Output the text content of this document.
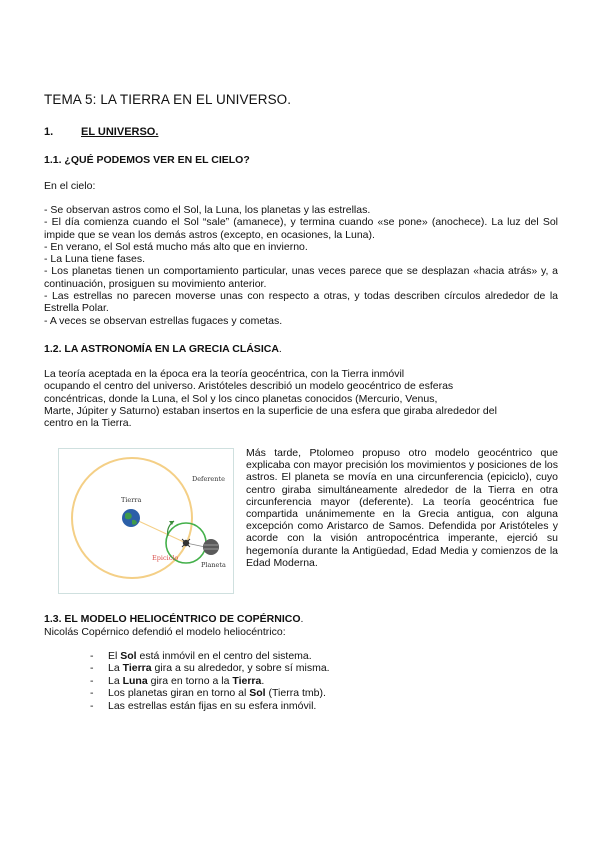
TEMA 5: LA TIERRA EN EL UNIVERSO.
1.	EL UNIVERSO.
1.1. ¿QUÉ PODEMOS VER EN EL CIELO?
En el cielo:
- Se observan astros como el Sol, la Luna, los planetas y las estrellas.
- El día comienza cuando el Sol “sale” (amanece), y termina cuando «se pone» (anochece). La luz del Sol impide que se vean los demás astros (excepto, en ocasiones, la Luna).
- En verano, el Sol está mucho más alto que en invierno.
- La Luna tiene fases.
- Los planetas tienen un comportamiento particular, unas veces parece que se desplazan «hacia atrás» y, a continuación, prosiguen su movimiento anterior.
- Las estrellas no parecen moverse unas con respecto a otras, y todas describen círculos alrededor de la Estrella Polar.
- A veces se observan estrellas fugaces y cometas.
1.2. LA ASTRONOMÍA EN LA GRECIA CLÁSICA.
La teoría aceptada en la época era la teoría geocéntrica, con la Tierra inmóvil
ocupando el centro del universo. Aristóteles describió un modelo geocéntrico de esferas
concéntricas, donde la Luna, el Sol y los cinco planetas conocidos (Mercurio, Venus,
Marte, Júpiter y Saturno) estaban insertos en la superficie de una esfera que giraba alrededor del
centro en la Tierra.
Tierra
Deferente
Epiciclo
Planeta

Más tarde, Ptolomeo propuso otro modelo geocéntrico que explicaba con mayor precisión los movimientos y posiciones de los astros. El planeta se movía en una circunferencia (epiciclo), cuyo centro giraba simultáneamente alrededor de la Tierra en otra circunferencia mayor (deferente). La teoría geocéntrica fue compartida unánimemente en la Grecia antigua, con alguna excepción como Aristarco de Samos. Defendida por Aristóteles y acorde con la visión antropocéntrica imperante, ejerció su hegemonía durante la Antigüedad, Edad Media y comienzos de la Edad Moderna.

1.3. EL MODELO HELIOCÉNTRICO DE COPÉRNICO.
Nicolás Copérnico defendió el modelo heliocéntrico:
- El Sol está inmóvil en el centro del sistema.
- La Tierra gira a su alrededor, y sobre sí misma.
- La Luna gira en torno a la Tierra.
- Los planetas giran en torno al Sol (Tierra tmb).
- Las estrellas están fijas en su esfera inmóvil.
